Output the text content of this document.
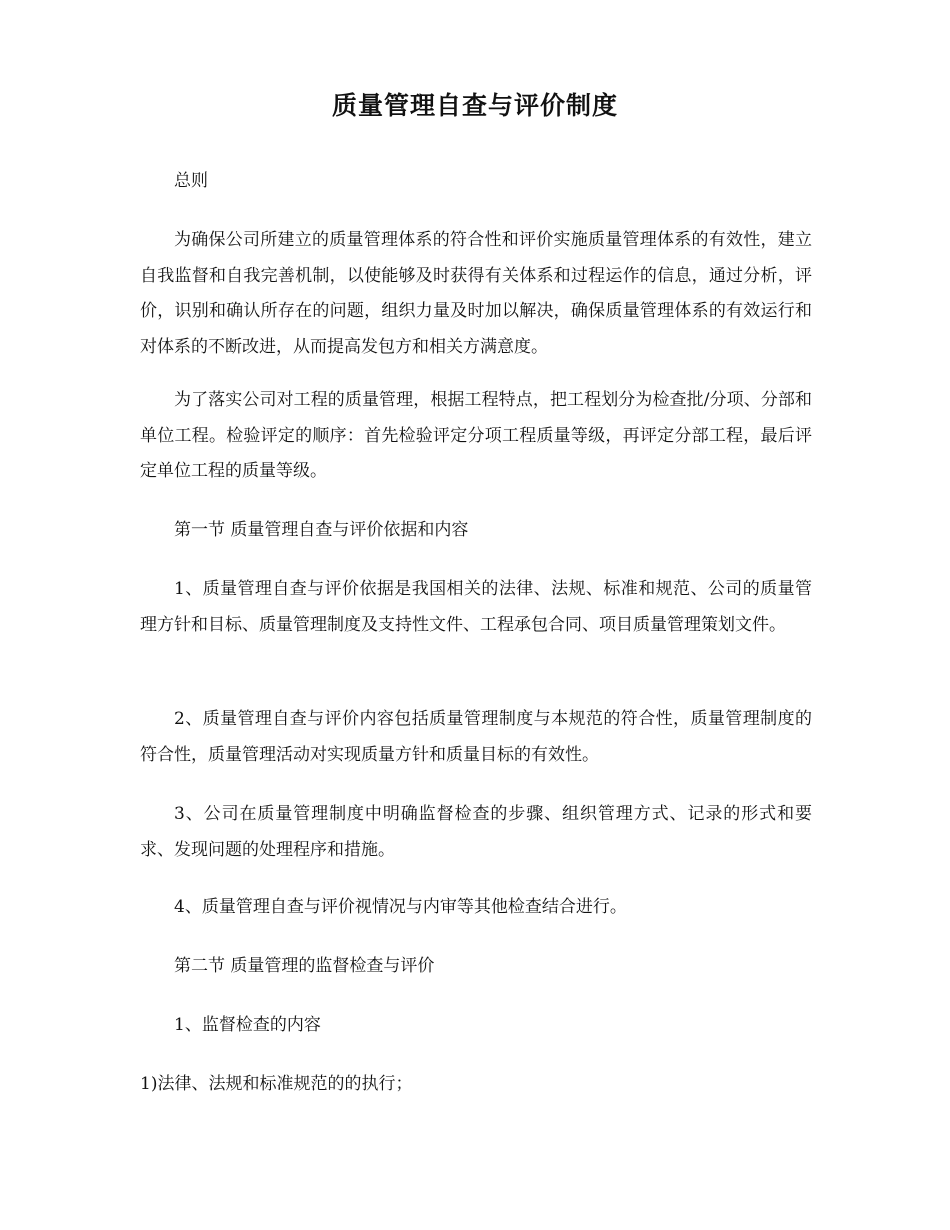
质量管理自查与评价制度

总则

为确保公司所建立的质量管理体系的符合性和评价实施质量管理体系的有效性，建立自我监督和自我完善机制，以使能够及时获得有关体系和过程运作的信息，通过分析，评价，识别和确认所存在的问题，组织力量及时加以解决，确保质量管理体系的有效运行和对体系的不断改进，从而提高发包方和相关方满意度。

为了落实公司对工程的质量管理，根据工程特点，把工程划分为检查批/分项、分部和单位工程。检验评定的顺序：首先检验评定分项工程质量等级，再评定分部工程，最后评定单位工程的质量等级。

第一节 质量管理自查与评价依据和内容

1、质量管理自查与评价依据是我国相关的法律、法规、标准和规范、公司的质量管理方针和目标、质量管理制度及支持性文件、工程承包合同、项目质量管理策划文件。

2、质量管理自查与评价内容包括质量管理制度与本规范的符合性，质量管理制度的符合性，质量管理活动对实现质量方针和质量目标的有效性。

3、公司在质量管理制度中明确监督检查的步骤、组织管理方式、记录的形式和要求、发现问题的处理程序和措施。

4、质量管理自查与评价视情况与内审等其他检查结合进行。

第二节 质量管理的监督检查与评价

1、监督检查的内容

1)法律、法规和标准规范的的执行；
